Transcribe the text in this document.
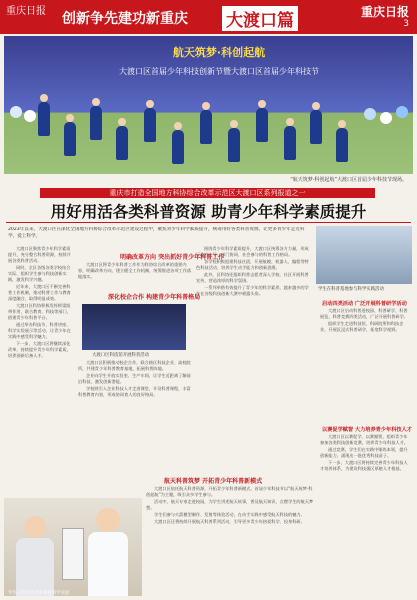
重庆日报 创新争先建功新重庆 大渡口篇	重庆日报
3
航天筑梦·科创起航
大渡口区首届少年科技创新节暨大渡口区首届少年科技节
“航天筑梦·科创起航”大渡口区首届少年科技节现场。
重庆市打造全国地方科协综合改革示范区大渡口区系列报道之一
用好用活各类科普资源 助青少年科学素质提升
2023年以来，大渡口区在深化全国地方科协综合改革示范区建设过程中，聚焦青少年科学素质提升，统筹用好各类科普资源，让更多青少年走近科学、爱上科学。
学生在科普基地参与科学实践活动
明确改革方向 突出抓好青少年科普工作
深化校企合作 构建青少年科普格局
航天科普筑梦 开拓青少年科普新模式
启动四类活动 广泛开展科普研学活动
以赛促学赋智 大力培养青少年科技人才
大渡口区科技馆开展科普活动

大渡口区聚焦青少年科学素质提升，充分整合科普资源，持续开展各类科普活动。

同时，全区各级各类学校结合实际，组织学生参与科技创新实践，激发科学兴趣。

近年来，大渡口区不断完善科普工作机制，推动科普工作与教育深度融合，取得明显成效。

大渡口区科协积极发挥桥梁纽带作用，联合教育、科技等部门，搭建青少年科普平台。

通过举办科技节、科普讲座、科学实验展示等活动，让青少年在实践中感受科学魅力。

下一步，大渡口区将继续深化改革，持续提升青少年科学素质，培养创新后备人才。

大渡口区将青少年科普工作作为科协综合改革的重要内容，明确改革方向，建立健全工作机制，统筹推进各项工作落地落实。

大渡口区积极推动校企合作，联合辖区科技企业、高校院所，共建青少年科普教育基地，拓展科普阵地。

企业向学生开放实验室、生产车间，让学生近距离了解前沿科技，激发创新潜能。

学校则引入企业科技人才走进课堂，开设科普课程，丰富科普教育内容，形成协同育人的良好格局。

围绕青少年科学素质提升，大渡口区统筹各方力量，形成了政府主导、部门协同、社会参与的科普工作格局。

各学校积极组建科技社团，开展航模、机器人、编程等特色科技活动，培养学生动手能力和创新思维。

此外，区科协还组织科普志愿者深入学校、社区开展科普宣传，营造浓厚的科学氛围。

一系列举措有效提升了青少年的科学素养，越来越多的学生在各级科技创新大赛中崭露头角。

大渡口区启动科普进校园、科普研学、科普展览、科普竞赛四类活动，广泛开展科普研学。

组织学生走进科技馆、科研院所和科技企业，开展沉浸式科普研学，拓宽科学视野。

大渡口区以赛促学、以赛赋智，组织青少年参加各类科技创新竞赛，培养青少年科技人才。

通过竞赛，学生们在实践中锤炼本领，提升创新能力，涌现出一批优秀科技苗子。

下一步，大渡口区将持续完善青少年科技人才培养体系，为建设科技强区厚植人才根基。

大渡口区依托航天科普资源，开拓青少年科普新模式。首届少年科技节以“航天筑梦·科创起航”为主题，吸引众多学生参与。

活动中，航天专家走进校园，为学生讲述航天故事，普及航天知识，点燃学生的航天梦想。

学生们参与火箭模型制作、发射等体验活动，在动手实践中感受航天科技的魅力。

大渡口区还将持续开展航天科普系列活动，引导更多青少年热爱科学、投身科研。

学生在科普活动中体验科学实验
